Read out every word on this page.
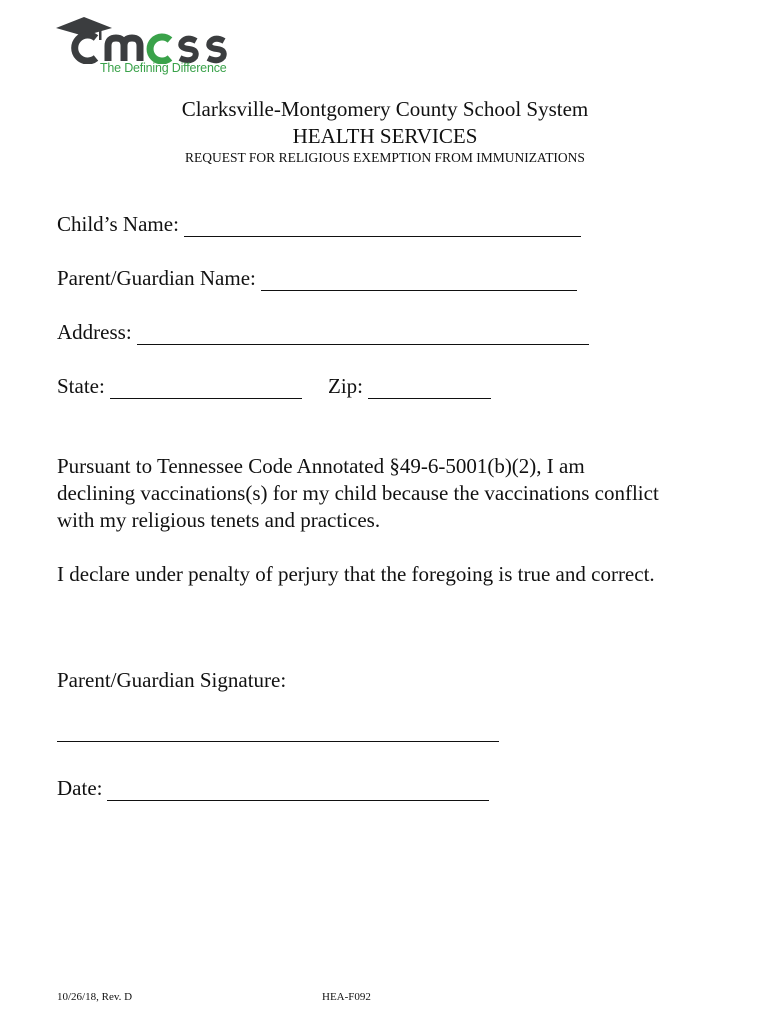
The Defining Difference
Clarksville-Montgomery County School System
HEALTH SERVICES
REQUEST FOR RELIGIOUS EXEMPTION FROM IMMUNIZATIONS
Child’s Name:
Parent/Guardian Name:
Address:
State:	Zip:
Pursuant to Tennessee Code Annotated §49-6-5001(b)(2), I am
declining vaccinations(s) for my child because the vaccinations conflict
with my religious tenets and practices.
I declare under penalty of perjury that the foregoing is true and correct.
Parent/Guardian Signature:
Date:
10/26/18, Rev. D	HEA-F092
